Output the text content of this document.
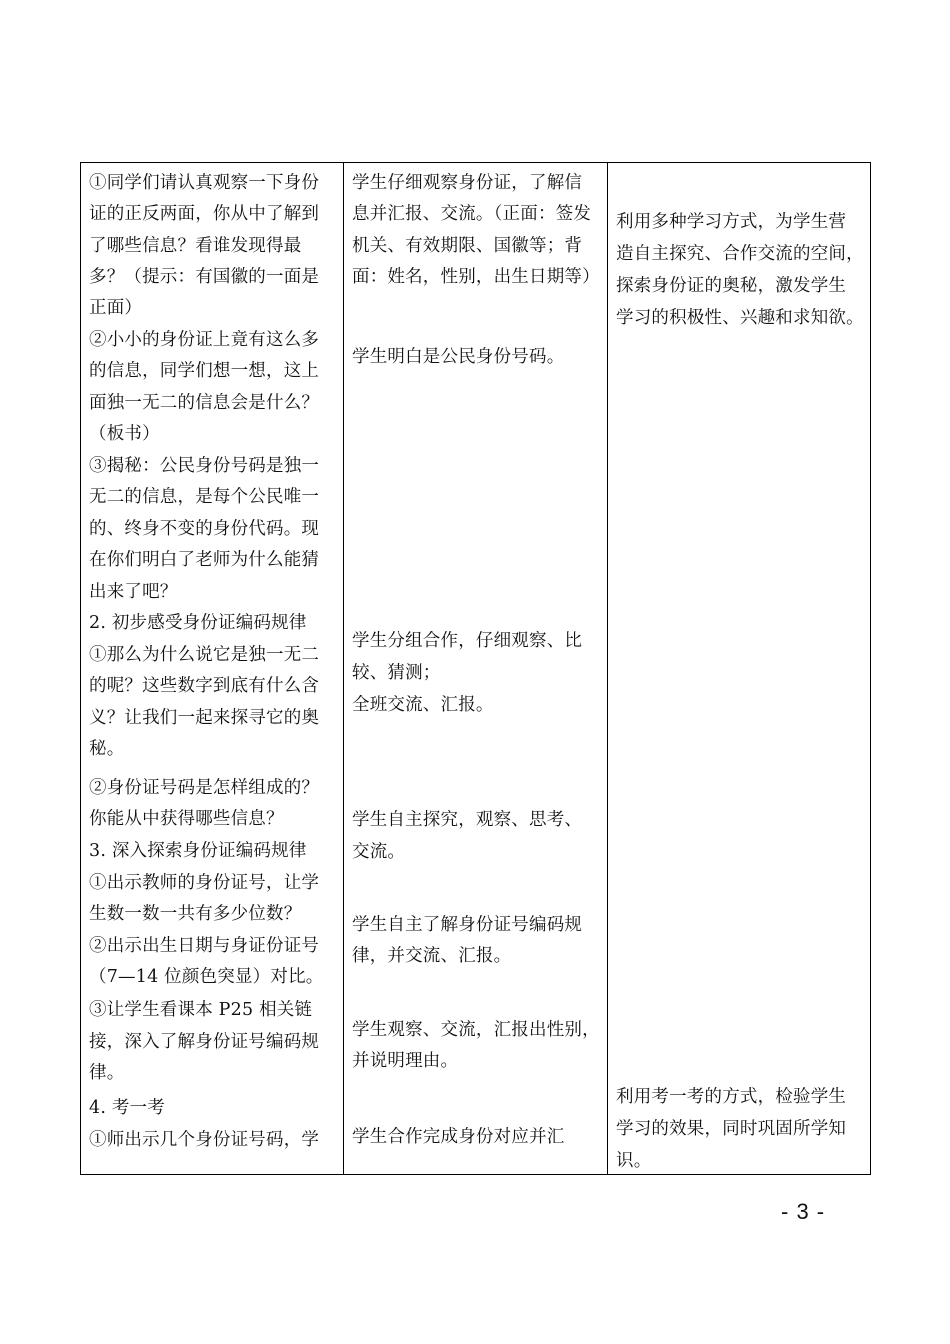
①同学们请认真观察一下身份
证的正反两面，你从中了解到
了哪些信息？看谁发现得最
多？（提示：有国徽的一面是
正面）
②小小的身份证上竟有这么多
的信息，同学们想一想，这上
面独一无二的信息会是什么？
（板书）
③揭秘：公民身份号码是独一
无二的信息，是每个公民唯一
的、终身不变的身份代码。现
在你们明白了老师为什么能猜
出来了吧？
2. 初步感受身份证编码规律
①那么为什么说它是独一无二
的呢？这些数字到底有什么含
义？让我们一起来探寻它的奥
秘。
②身份证号码是怎样组成的？
你能从中获得哪些信息？
3. 深入探索身份证编码规律
①出示教师的身份证号，让学
生数一数一共有多少位数？
②出示出生日期与身证份证号
（7—14 位颜色突显）对比。
③让学生看课本 P25 相关链
接，深入了解身份证号编码规
律。
4. 考一考
①师出示几个身份证号码，学
学生仔细观察身份证，了解信
息并汇报、交流。（正面：签发
机关、有效期限、国徽等；背
面：姓名，性别，出生日期等）
学生明白是公民身份号码。
学生分组合作，仔细观察、比
较、猜测；
全班交流、汇报。
学生自主探究，观察、思考、
交流。
学生自主了解身份证号编码规
律，并交流、汇报。
学生观察、交流，汇报出性别，
并说明理由。
学生合作完成身份对应并汇
利用多种学习方式，为学生营
造自主探究、合作交流的空间，
探索身份证的奥秘，激发学生
学习的积极性、兴趣和求知欲。
利用考一考的方式，检验学生
学习的效果，同时巩固所学知
识。
- 3 -
